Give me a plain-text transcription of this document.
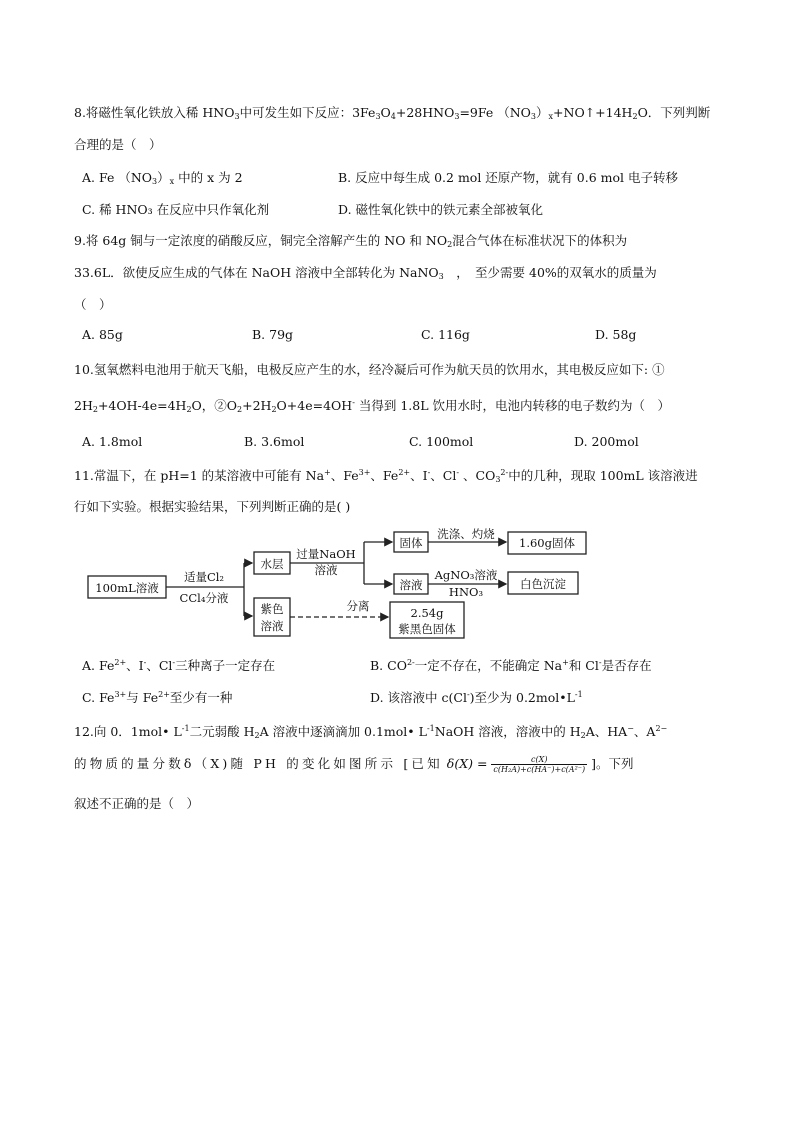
8.将磁性氧化铁放入稀 $HNO_3$中可发生如下反应：$3Fe_3O_4+28HNO_3=9Fe$ $(NO_3)_x+NO↑+14H_2O$．下列判断
合理的是（　）
A. Fe $(NO_3)_x$ 中的 x 为 2	B. 反应中每生成 0.2 mol 还原产物，就有 0.6 mol 电子转移
C. 稀 HNO₃ 在反应中只作氧化剂	D. 磁性氧化铁中的铁元素全部被氧化
9.将 64g 铜与一定浓度的硝酸反应，铜完全溶解产生的 NO 和 $NO_2$混合气体在标准状况下的体积为
33.6L．欲使反应生成的气体在 NaOH 溶液中全部转化为 NaNO$_3$　，　至少需要 40%的双氧水的质量为
（　）
A. 85g	B. 79g	C. 116g	D. 58g
10.氢氧燃料电池用于航天飞船，电极反应产生的水，经冷凝后可作为航天员的饮用水，其电极反应如下: ①
$2H_2+4OH-4e=4H_2O$，$②O_2+2H_2O+4e=4OH^-$ 当得到 1.8L 饮用水时，电池内转移的电子数约为（　）
A. 1.8mol	B. 3.6mol	C. 100mol	D. 200mol
11.常温下，在 pH=1 的某溶液中可能有 Na+、$Fe^{3+}$、$Fe^{2+}$、I-、Cl- 、$CO_3^{2-}$中的几种，现取 100mL 该溶液进
行如下实验。根据实验结果，下列判断正确的是( )
100mL溶液
适量Cl₂
CCl₄分液
水层
过量NaOH
溶液
固体
洗涤、灼烧
1.60g固体
溶液
AgNO₃溶液
HNO₃
白色沉淀
紫色
溶液
分离	2.54g
紫黑色固体
A. $Fe^{2+}$、I-、Cl-三种离子一定存在	B. $CO^{2-}$一定不存在，不能确定 Na+和 Cl-是否存在
C. $Fe^{3+}$与 $Fe^{2+}$至少有一种	D. 该溶液中 c(Cl-)至少为 $0.2mol•L^{-1}$
12.向 0．1mol• $L^{-1}$二元弱酸 $H_2A$ 溶液中逐滴滴加 0.1mol• $L^{-1}NaOH$ 溶液，溶液中的 $H_2A$、HA−、$A^{2-}$
的物质的量分数δ（X)随 PH 的变化如图所示 [已知 $\delta(X) = \frac{c(X)}{\text{c(H₂A)+c(HA⁻)+c(A²⁻)}}$ ]。下列
叙述不正确的是（　）
